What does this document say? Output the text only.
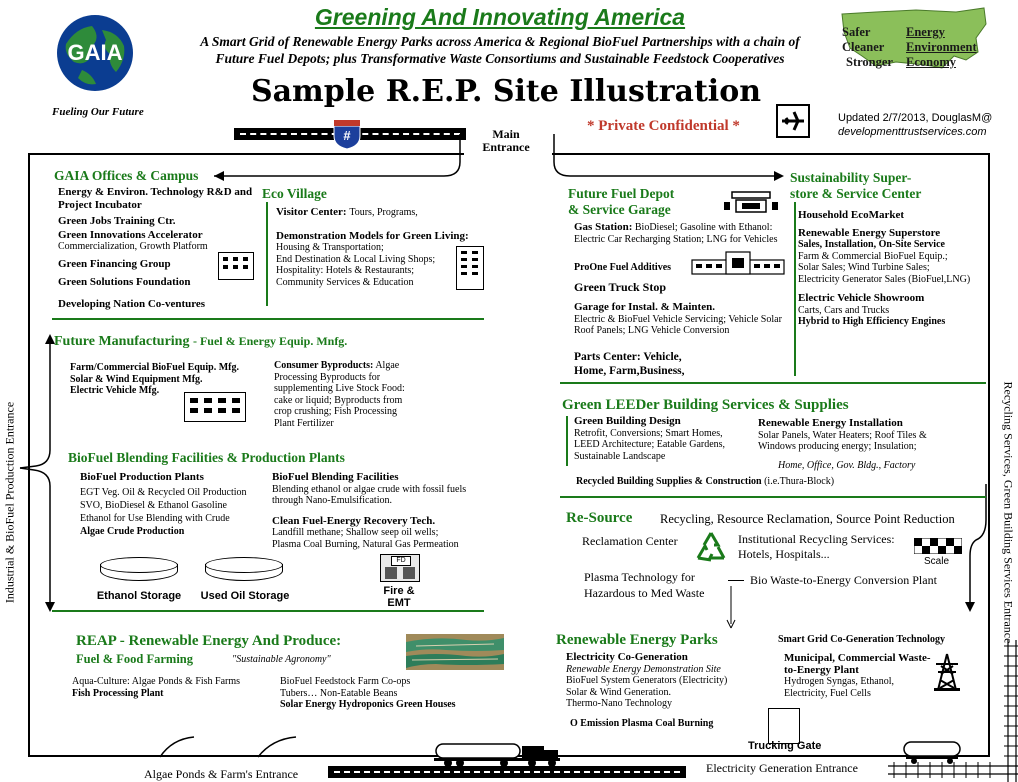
GAIA
Fueling Our Future
Greening And Innovating America
A Smart Grid of Renewable Energy Parks across America & Regional BioFuel Partnerships with a chain of
Future Fuel Depots; plus Transformative Waste Consortiums and Sustainable Feedstock Cooperatives
Sample R.E.P. Site Illustration
Safer
Cleaner
Stronger
Energy
Environment
Economy
* Private Confidential *	Updated 2/7/2013, DouglasM@
developmenttrustservices.com
#	Main Entrance
Industrial & BioFuel Production Entrance	Recycling Services, Green Building Services Entrance
GAIA Offices & Campus
Energy & Environ. Technology R&D and Project Incubator
Green Jobs Training Ctr.
Green Innovations Accelerator
Commercialization, Growth Platform
Green Financing Group
Green Solutions Foundation
Developing Nation Co-ventures
Eco Village
Visitor Center: Tours, Programs,
Demonstration Models for Green Living:
Housing & Transportation;
End Destination & Local Living Shops;
Hospitality: Hotels & Restaurants;
Community Services & Education
Future Manufacturing - Fuel & Energy Equip. Mnfg.
Farm/Commercial BioFuel Equip. Mfg.
Solar & Wind Equipment Mfg.
Electric Vehicle Mfg.
Consumer Byproducts: Algae Processing Byproducts for supplementing Live Stock Food: cake or liquid; Byproducts from crop crushing; Fish Processing Plant Fertilizer
BioFuel Blending Facilities & Production Plants
BioFuel Production Plants
EGT Veg. Oil & Recycled Oil Production
SVO, BioDiesel & Ethanol Gasoline
Ethanol for Use Blending with Crude
Algae Crude Production
BioFuel Blending Facilities
Blending ethanol or algae crude with fossil fuels through Nano-Emulsification.
Clean Fuel-Energy Recovery Tech.
Landfill methane; Shallow seep oil wells;
Plasma Coal Burning, Natural Gas Permeation
Ethanol Storage	Used Oil Storage
FD
Fire & EMT
REAP - Renewable Energy And Produce:
Fuel & Food Farming	"Sustainable Agronomy"
Aqua-Culture: Algae Ponds & Fish Farms
Fish Processing Plant
BioFuel Feedstock Farm Co-ops
Tubers… Non-Eatable Beans
Solar Energy Hydroponics Green Houses
Future Fuel Depot
& Service Garage
Gas Station: BioDiesel; Gasoline with Ethanol: Electric Car Recharging Station; LNG for Vehicles
ProOne Fuel Additives
Green Truck Stop
Garage for Instal. & Mainten.
Electric & BioFuel Vehicle Servicing; Vehicle Solar Roof Panels; LNG Vehicle Conversion
Parts Center: Vehicle, Home, Farm,Business,
Sustainability Super-
store & Service Center
Household EcoMarket
Renewable Energy Superstore
Sales, Installation, On-Site Service
Farm & Commercial BioFuel Equip.;
Solar Sales; Wind Turbine Sales;
Electricity Generator Sales (BioFuel,LNG)
Electric Vehicle Showroom
Carts, Cars and Trucks
Hybrid to High Efficiency Engines
Green LEEDer Building Services & Supplies
Green Building Design
Retrofit, Conversions; Smart Homes,
LEED Architecture; Eatable Gardens,
Sustainable Landscape
Renewable Energy Installation
Solar Panels, Water Heaters; Roof Tiles &
Windows producing energy; Insulation;
Home, Office, Gov. Bldg., Factory
Recycled Building Supplies & Construction (i.e.Thura-Block)
Re-Source Recycling, Resource Reclamation, Source Point Reduction
Reclamation Center	Institutional Recycling Services: Hotels, Hospitals...
Scale
Plasma Technology for Hazardous to Med Waste
Bio Waste-to-Energy Conversion Plant
Renewable Energy Parks	Smart Grid Co-Generation Technology
Electricity Co-Generation
Renewable Energy Demonstration Site
BioFuel System Generators (Electricity)
Solar & Wind Generation.
Thermo-Nano Technology
O Emission Plasma Coal Burning
Municipal, Commercial Waste-to-Energy Plant
Hydrogen Syngas, Ethanol,
Electricity, Fuel Cells
Trucking Gate
Algae Ponds & Farm's Entrance	Electricity Generation Entrance
